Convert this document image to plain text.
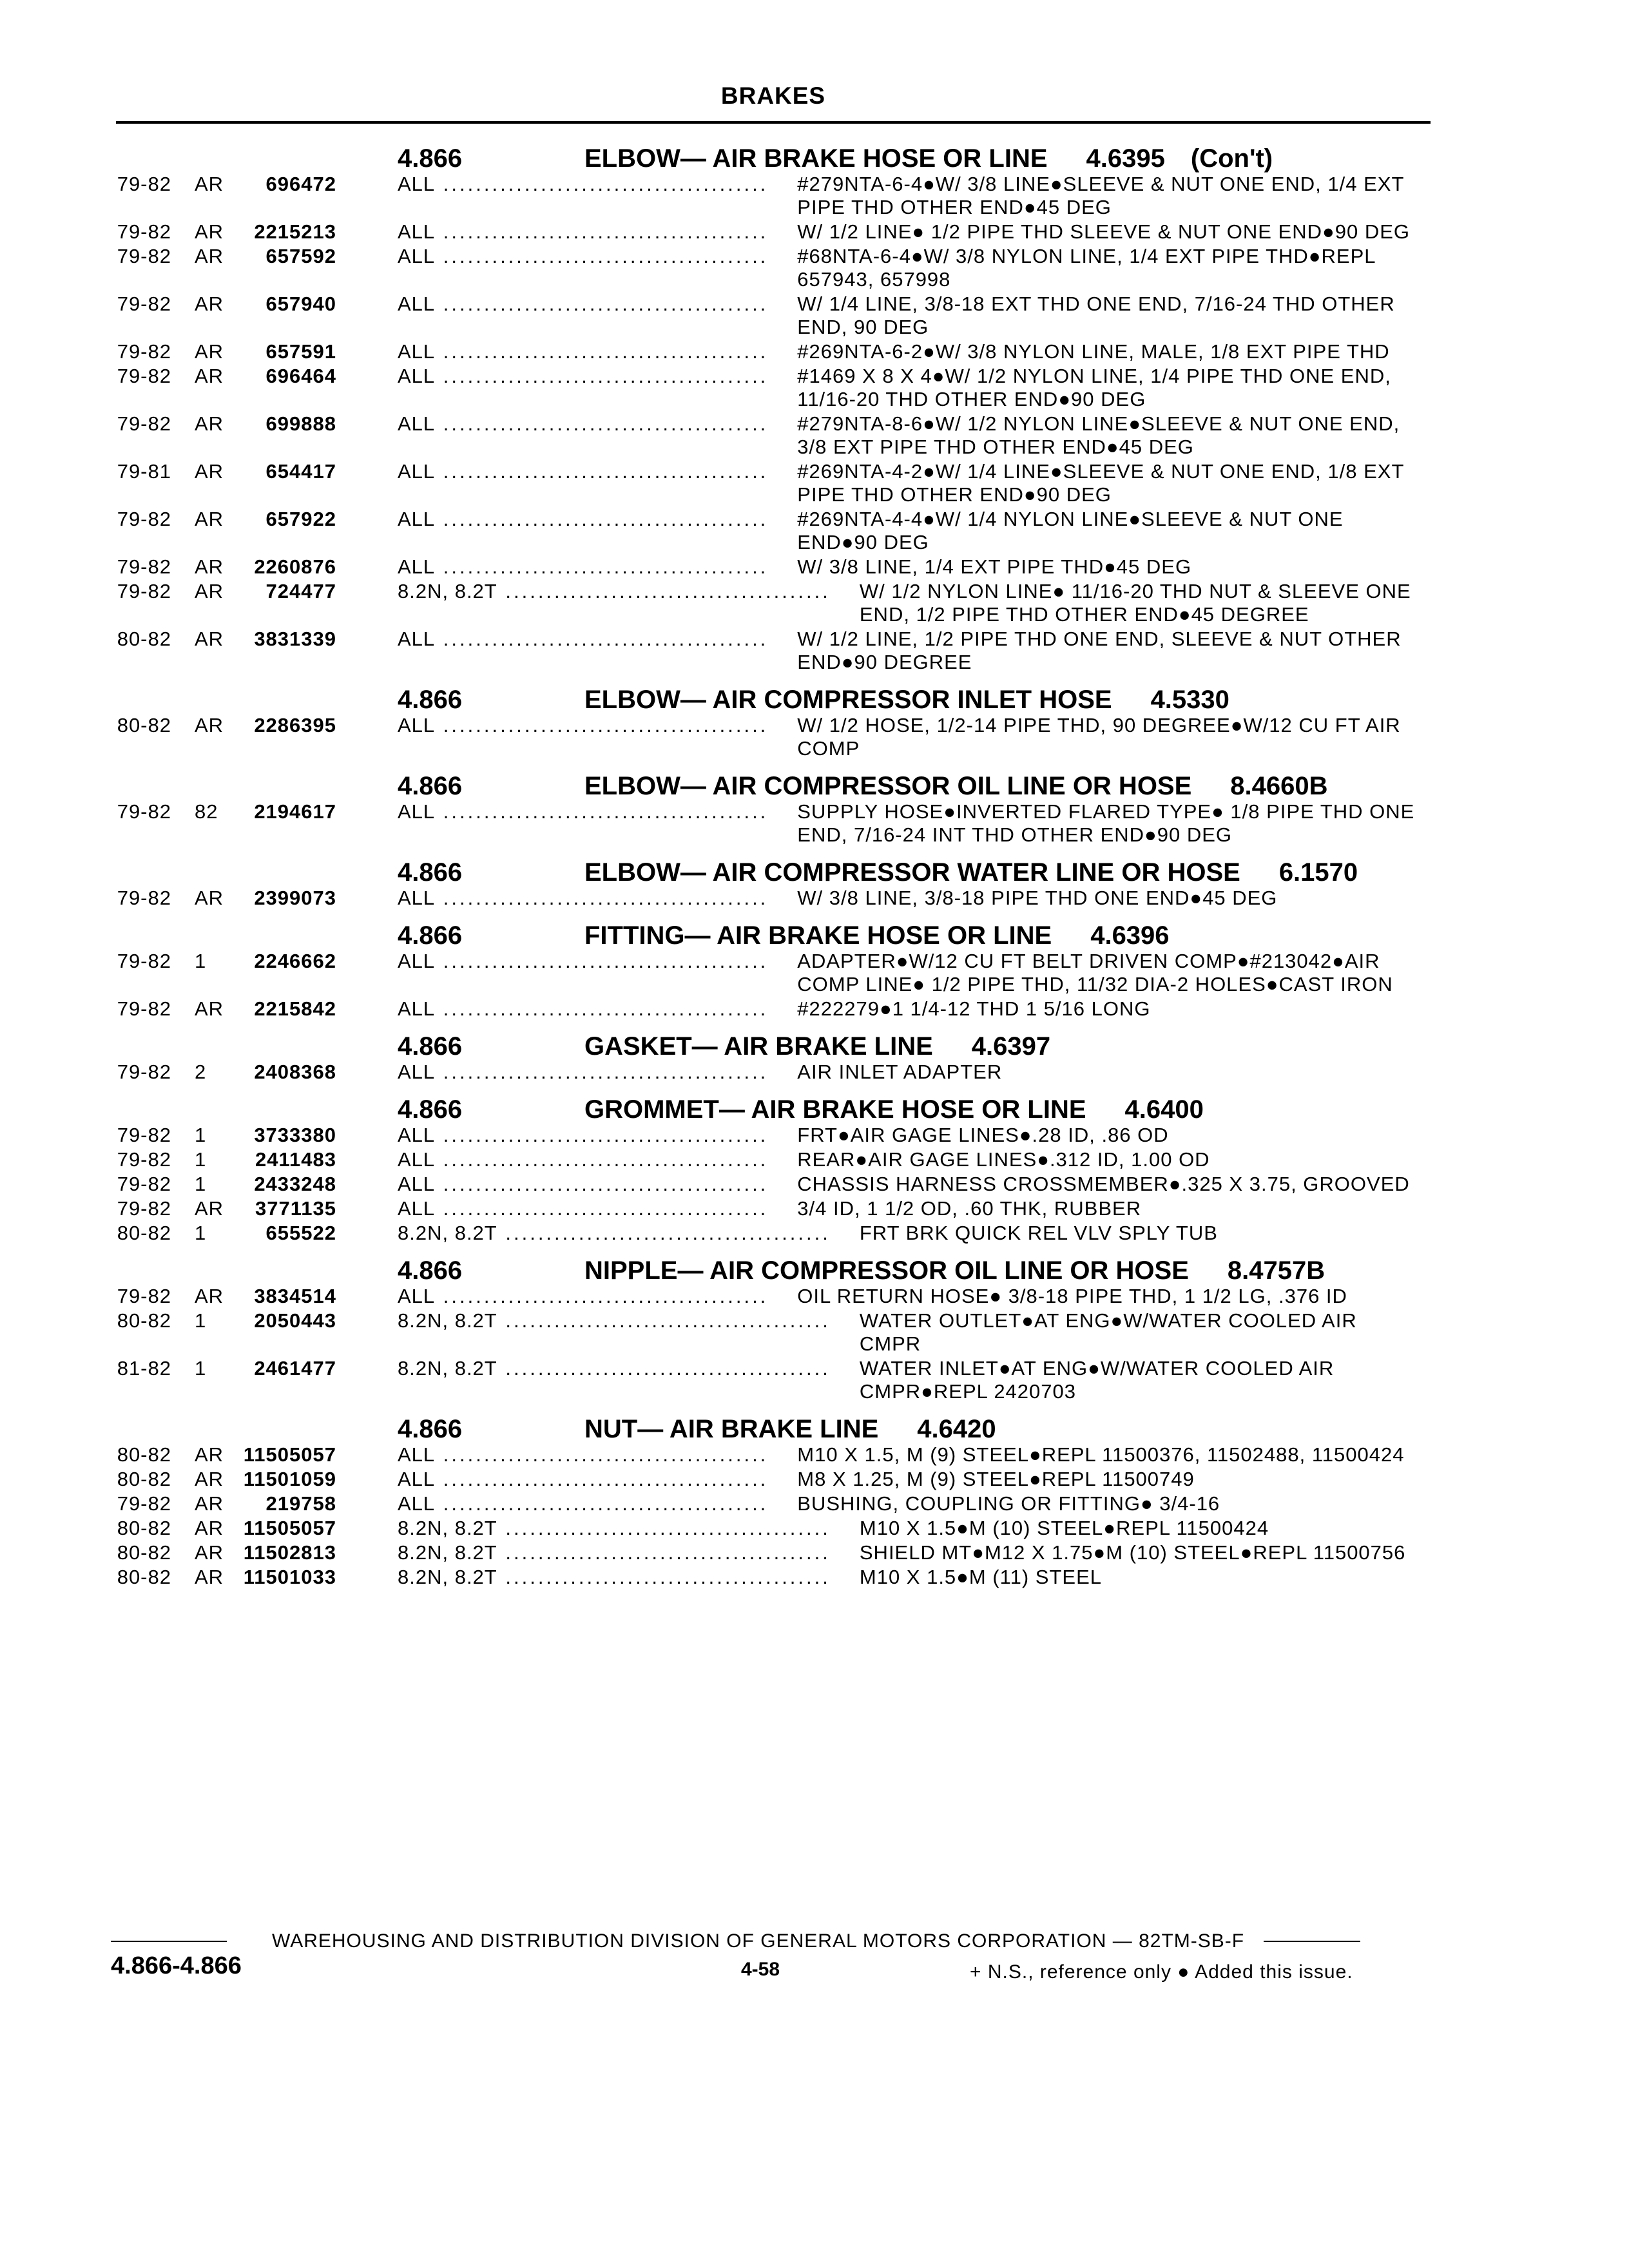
BRAKES
4.866	ELBOW— AIR BRAKE HOSE OR LINE 4.6395 (Con't)
79-82	AR	696472	ALL ........................................ #279NTA-6-4●W/ 3/8 LINE●SLEEVE & NUT ONE END, 1/4 EXT PIPE THD OTHER END●45 DEG
79-82	AR	2215213	ALL ........................................ W/ 1/2 LINE● 1/2 PIPE THD SLEEVE & NUT ONE END●90 DEG
79-82	AR	657592	ALL ........................................ #68NTA-6-4●W/ 3/8 NYLON LINE, 1/4 EXT PIPE THD●REPL 657943, 657998
79-82	AR	657940	ALL ........................................ W/ 1/4 LINE, 3/8-18 EXT THD ONE END, 7/16-24 THD OTHER END, 90 DEG
79-82	AR	657591	ALL ........................................ #269NTA-6-2●W/ 3/8 NYLON LINE, MALE, 1/8 EXT PIPE THD
79-82	AR	696464	ALL ........................................ #1469 X 8 X 4●W/ 1/2 NYLON LINE, 1/4 PIPE THD ONE END, 11/16-20 THD OTHER END●90 DEG
79-82	AR	699888	ALL ........................................ #279NTA-8-6●W/ 1/2 NYLON LINE●SLEEVE & NUT ONE END, 3/8 EXT PIPE THD OTHER END●45 DEG
79-81	AR	654417	ALL ........................................ #269NTA-4-2●W/ 1/4 LINE●SLEEVE & NUT ONE END, 1/8 EXT PIPE THD OTHER END●90 DEG
79-82	AR	657922	ALL ........................................ #269NTA-4-4●W/ 1/4 NYLON LINE●SLEEVE & NUT ONE END●90 DEG
79-82	AR	2260876	ALL ........................................ W/ 3/8 LINE, 1/4 EXT PIPE THD●45 DEG
79-82	AR	724477	8.2N, 8.2T ........................................ W/ 1/2 NYLON LINE● 11/16-20 THD NUT & SLEEVE ONE END, 1/2 PIPE THD OTHER END●45 DEGREE
80-82	AR	3831339	ALL ........................................ W/ 1/2 LINE, 1/2 PIPE THD ONE END, SLEEVE & NUT OTHER END●90 DEGREE
4.866	ELBOW— AIR COMPRESSOR INLET HOSE 4.5330
80-82	AR	2286395	ALL ........................................ W/ 1/2 HOSE, 1/2-14 PIPE THD, 90 DEGREE●W/12 CU FT AIR COMP
4.866	ELBOW— AIR COMPRESSOR OIL LINE OR HOSE 8.4660B
79-82	82	2194617	ALL ........................................ SUPPLY HOSE●INVERTED FLARED TYPE● 1/8 PIPE THD ONE END, 7/16-24 INT THD OTHER END●90 DEG
4.866	ELBOW— AIR COMPRESSOR WATER LINE OR HOSE 6.1570
79-82	AR	2399073	ALL ........................................ W/ 3/8 LINE, 3/8-18 PIPE THD ONE END●45 DEG
4.866	FITTING— AIR BRAKE HOSE OR LINE 4.6396
79-82	1	2246662	ALL ........................................ ADAPTER●W/12 CU FT BELT DRIVEN COMP●#213042●AIR COMP LINE● 1/2 PIPE THD, 11/32 DIA-2 HOLES●CAST IRON
79-82	AR	2215842	ALL ........................................ #222279●1 1/4-12 THD 1 5/16 LONG
4.866	GASKET— AIR BRAKE LINE 4.6397
79-82	2	2408368	ALL ........................................ AIR INLET ADAPTER
4.866	GROMMET— AIR BRAKE HOSE OR LINE 4.6400
79-82	1	3733380	ALL ........................................ FRT●AIR GAGE LINES●.28 ID, .86 OD
79-82	1	2411483	ALL ........................................ REAR●AIR GAGE LINES●.312 ID, 1.00 OD
79-82	1	2433248	ALL ........................................ CHASSIS HARNESS CROSSMEMBER●.325 X 3.75, GROOVED
79-82	AR	3771135	ALL ........................................ 3/4 ID, 1 1/2 OD, .60 THK, RUBBER
80-82	1	655522	8.2N, 8.2T ........................................ FRT BRK QUICK REL VLV SPLY TUB
4.866	NIPPLE— AIR COMPRESSOR OIL LINE OR HOSE 8.4757B
79-82	AR	3834514	ALL ........................................ OIL RETURN HOSE● 3/8-18 PIPE THD, 1 1/2 LG, .376 ID
80-82	1	2050443	8.2N, 8.2T ........................................ WATER OUTLET●AT ENG●W/WATER COOLED AIR CMPR
81-82	1	2461477	8.2N, 8.2T ........................................ WATER INLET●AT ENG●W/WATER COOLED AIR CMPR●REPL 2420703
4.866	NUT— AIR BRAKE LINE 4.6420
80-82	AR 11505057	ALL ........................................ M10 X 1.5, M (9) STEEL●REPL 11500376, 11502488, 11500424
80-82	AR 11501059	ALL ........................................ M8 X 1.25, M (9) STEEL●REPL 11500749
79-82	AR	219758	ALL ........................................ BUSHING, COUPLING OR FITTING● 3/4-16
80-82	AR 11505057	8.2N, 8.2T ........................................ M10 X 1.5●M (10) STEEL●REPL 11500424
80-82	AR 11502813	8.2N, 8.2T ........................................ SHIELD MT●M12 X 1.75●M (10) STEEL●REPL 11500756
80-82	AR 11501033	8.2N, 8.2T ........................................ M10 X 1.5●M (11) STEEL
WAREHOUSING AND DISTRIBUTION DIVISION OF GENERAL MOTORS CORPORATION — 82TM-SB-F
4.866-4.866	4-58	+ N.S., reference only ● Added this issue.
